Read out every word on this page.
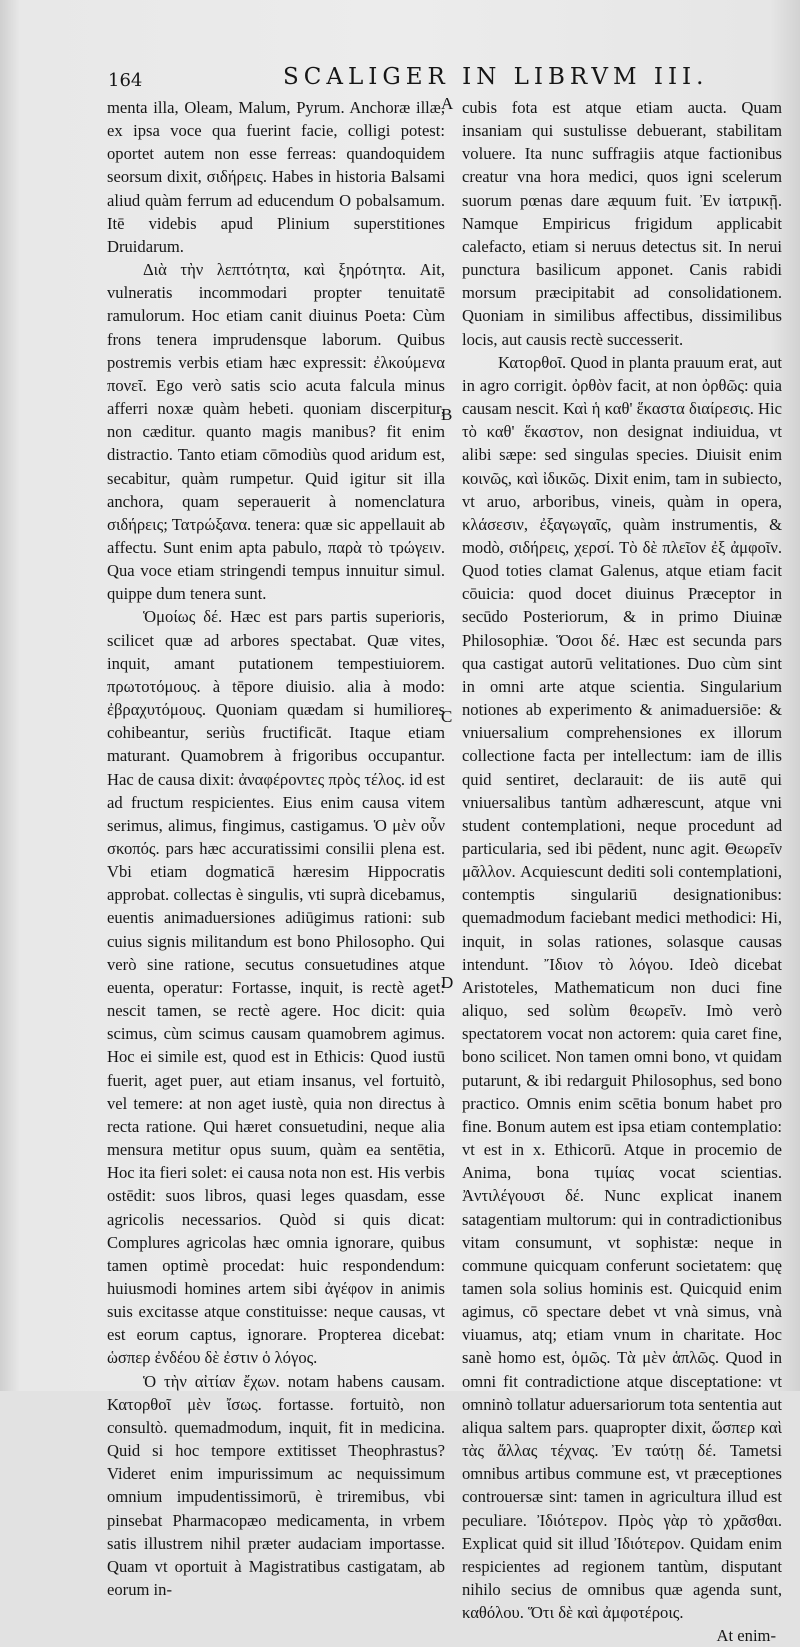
164	SCALIGER IN LIBRVM III.

menta illa, Oleam, Malum, Pyrum. Anchoræ illæ, ex ipsa voce qua fuerint facie, colligi potest: oportet autem non esse ferreas: quandoquidem seorsum dixit, σιδήρεις. Habes in historia Balsami aliud quàm ferrum ad educendum O pobalsamum. Itē videbis apud Plinium superstitiones Druidarum.

Διὰ τὴν λεπτότητα, καὶ ξηρότητα. Ait, vulneratis incommodari propter tenuitatē ramulorum. Hoc etiam canit diuinus Poeta: Cùm frons tenera imprudensque laborum. Quibus postremis verbis etiam hæc expressit: ἐλκούμενα πονεῖ. Ego verò satis scio acuta falcula minus afferri noxæ quàm hebeti. quoniam discerpitur, non cæditur. quanto magis manibus? fit enim distractio. Tanto etiam cōmodiùs quod aridum est, secabitur, quàm rumpetur. Quid igitur sit illa anchora, quam seperauerit à nomenclatura σιδήρεις; Τατρώξανα. tenera: quæ sic appellauit ab affectu. Sunt enim apta pabulo, παρὰ τὸ τρώγειν. Qua voce etiam stringendi tempus innuitur simul. quippe dum tenera sunt.

Ὁμοίως δέ. Hæc est pars partis superioris, scilicet quæ ad arbores spectabat. Quæ vites, inquit, amant putationem tempestiuiorem. πρωτοτόμους. à tēpore diuisio. alia à modo: ἐβραχυτόμους. Quoniam quædam si humiliores cohibeantur, seriùs fructificāt. Itaque etiam maturant. Quamobrem à frigoribus occupantur. Hac de causa dixit: ἀναφέροντες πρὸς τέλος. id est ad fructum respicientes. Eius enim causa vitem serimus, alimus, fingimus, castigamus. Ὁ μὲν οὖν σκοπός. pars hæc accuratissimi consilii plena est. Vbi etiam dogmaticā hæresim Hippocratis approbat. collectas è singulis, vti suprà dicebamus, euentis animaduersiones adiūgimus rationi: sub cuius signis militandum est bono Philosopho. Qui verò sine ratione, secutus consuetudines atque euenta, operatur: Fortasse, inquit, is rectè aget: nescit tamen, se rectè agere. Hoc dicit: quia scimus, cùm scimus causam quamobrem agimus. Hoc ei simile est, quod est in Ethicis: Quod iustū fuerit, aget puer, aut etiam insanus, vel fortuitò, vel temere: at non aget iustè, quia non directus à recta ratione. Qui hæret consuetudini, neque alia mensura metitur opus suum, quàm ea sentētia, Hoc ita fieri solet: ei causa nota non est. His verbis ostēdit: suos libros, quasi leges quasdam, esse agricolis necessarios. Quòd si quis dicat: Complures agricolas hæc omnia ignorare, quibus tamen optimè procedat: huic respondendum: huiusmodi homines artem sibi ἀγέφον in animis suis excitasse atque constituisse: neque causas, vt est eorum captus, ignorare. Propterea dicebat: ὡσπερ ἐνδέου δὲ ἐστιν ὁ λόγος.

Ὁ τὴν αἰτίαν ἔχων. notam habens causam. Κατορθοῖ μὲν ἴσως. fortasse. fortuitò, non consultò. quemadmodum, inquit, fit in medicina. Quid si hoc tempore extitisset Theophrastus? Videret enim impurissimum ac nequissimum omnium impudentissimorū, è triremibus, vbi pinsebat Pharmacopæo medicamenta, in vrbem satis illustrem nihil præter audaciam importasse. Quam vt oportuit à Magistratibus castigatam, ab eorum in-

A
B
C
D

cubis fota est atque etiam aucta. Quam insaniam qui sustulisse debuerant, stabilitam voluere. Ita nunc suffragiis atque factionibus creatur vna hora medici, quos igni scelerum suorum pœnas dare æquum fuit. Ἐν ἰατρικῇ. Namque Empiricus frigidum applicabit calefacto, etiam si neruus detectus sit. In nerui punctura basilicum apponet. Canis rabidi morsum præcipitabit ad consolidationem. Quoniam in similibus affectibus, dissimilibus locis, aut causis rectè successerit.

Κατορθοῖ. Quod in planta prauum erat, aut in agro corrigit. ὀρθὸν facit, at non ὀρθῶς: quia causam nescit. Καὶ ἡ καθ' ἕκαστα διαίρεσις. Hic τὸ καθ' ἕκαστον, non designat indiuidua, vt alibi sæpe: sed singulas species. Diuisit enim κοινῶς, καὶ ἰδικῶς. Dixit enim, tam in subiecto, vt aruo, arboribus, vineis, quàm in opera, κλάσεσιν, ἐξαγωγαῖς, quàm instrumentis, & modò, σιδήρεις, χερσί. Τὸ δὲ πλεῖον ἐξ ἀμφοῖν. Quod toties clamat Galenus, atque etiam facit cōuicia: quod docet diuinus Præceptor in secūdo Posteriorum, & in primo Diuinæ Philosophiæ. Ὅσοι δέ. Hæc est secunda pars qua castigat autorū velitationes. Duo cùm sint in omni arte atque scientia. Singularium notiones ab experimento & animaduersiōe: & vniuersalium comprehensiones ex illorum collectione facta per intellectum: iam de illis quid sentiret, declarauit: de iis autē qui vniuersalibus tantùm adhærescunt, atque vni student contemplationi, neque procedunt ad particularia, sed ibi pēdent, nunc agit. Θεωρεῖν μᾶλλον. Acquiescunt dediti soli contemplationi, contemptis singulariū designationibus: quemadmodum faciebant medici methodici: Hi, inquit, in solas rationes, solasque causas intendunt. Ἴδιον τὸ λόγου. Ideò dicebat Aristoteles, Mathematicum non duci fine aliquo, sed solùm θεωρεῖν. Imò verò spectatorem vocat non actorem: quia caret fine, bono scilicet. Non tamen omni bono, vt quidam putarunt, & ibi redarguit Philosophus, sed bono practico. Omnis enim scētia bonum habet pro fine. Bonum autem est ipsa etiam contemplatio: vt est in x. Ethicorū. Atque in procemio de Anima, bona τιμίας vocat scientias. Ἀντιλέγουσι δέ. Nunc explicat inanem satagentiam multorum: qui in contradictionibus vitam consumunt, vt sophistæ: neque in commune quicquam conferunt societatem: quę tamen sola solius hominis est. Quicquid enim agimus, cō spectare debet vt vnà simus, vnà viuamus, atq; etiam vnum in charitate. Hoc sanè homo est, ὁμῶς. Τὰ μὲν ἁπλῶς. Quod in omni fit contradictione atque disceptatione: vt omninò tollatur aduersariorum tota sententia aut aliqua saltem pars. quapropter dixit, ὥσπερ καὶ τὰς ἄλλας τέχνας. Ἐν ταύτῃ δέ. Tametsi omnibus artibus commune est, vt præceptiones controuersæ sint: tamen in agricultura illud est peculiare. Ἰδιότερον. Πρὸς γὰρ τὸ χρᾶσθαι. Explicat quid sit illud Ἰδιότερον. Quidam enim respicientes ad regionem tantùm, disputant nihilo secius de omnibus quæ agenda sunt, καθόλου. Ὅτι δὲ καὶ ἀμφοτέροις.

At enim-
